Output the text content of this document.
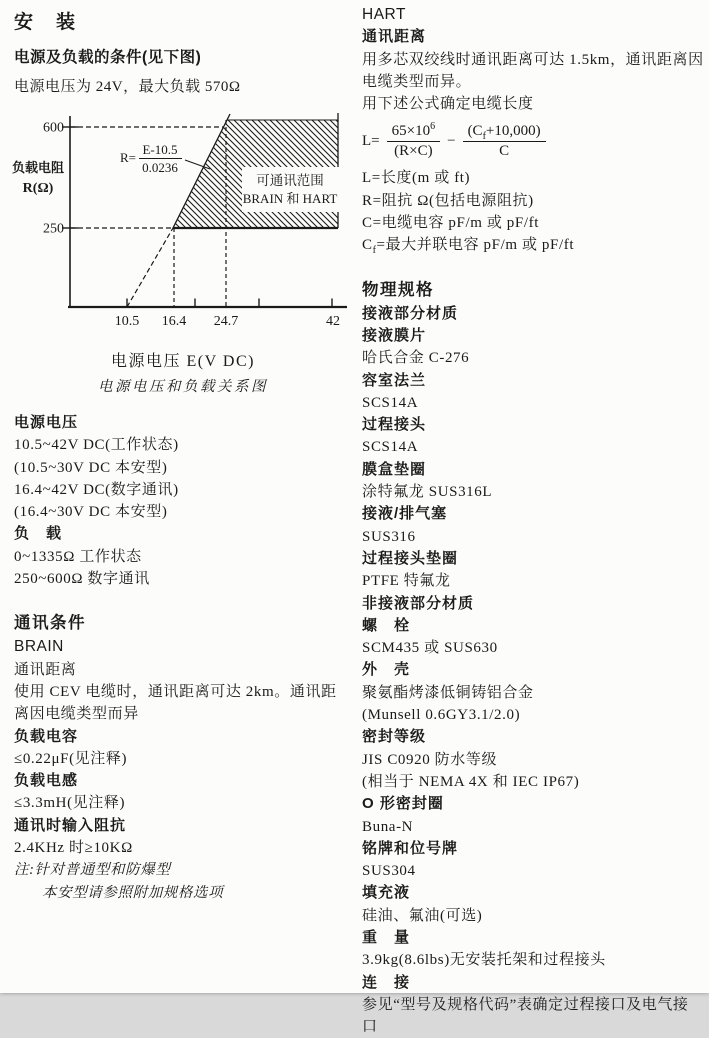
安　装
电源及负载的条件(见下图)
电源电压为 24V，最大负载 570Ω
600
250
负载电阻
R(Ω)
R=
E-10.5
0.0236
可通讯范围
BRAIN 和 HART
10.5 16.4 24.7	42
电源电压 E(V DC)
电源电压和负载关系图
电源电压
10.5~42V DC(工作状态)
(10.5~30V DC 本安型)
16.4~42V DC(数字通讯)
(16.4~30V DC 本安型)
负　载
0~1335Ω 工作状态
250~600Ω 数字通讯
通讯条件
BRAIN
通讯距离
使用 CEV 电缆时，通讯距离可达 2km。通讯距离因电缆类型而异
负载电容
≤0.22μF(见注释)
负载电感
≤3.3mH(见注释)
通讯时输入阻抗
2.4KHz 时≥10KΩ
注:针对普通型和防爆型
本安型请参照附加规格选项
HART
通讯距离
用多芯双绞线时通讯距离可达 1.5km，通讯距离因电缆类型而异。
用下述公式确定电缆长度
$L= \frac{65\times 10^6}{(R\times C)} - \frac{(C_f+10,000)}{C}$
L=长度(m 或 ft)
R=阻抗 Ω(包括电源阻抗)
C=电缆电容 pF/m 或 pF/ft
$C_f=$最大并联电容 pF/m 或 pF/ft
物理规格
接液部分材质
接液膜片
哈氏合金 C-276
容室法兰
SCS14A
过程接头
SCS14A
膜盒垫圈
涂特氟龙 SUS316L
接液/排气塞
SUS316
过程接头垫圈
PTFE 特氟龙
非接液部分材质
螺　栓
SCM435 或 SUS630
外　壳
聚氨酯烤漆低铜铸铝合金
(Munsell 0.6GY3.1/2.0)
密封等级
JIS C0920 防水等级
(相当于 NEMA 4X 和 IEC IP67)
O 形密封圈
Buna-N
铭牌和位号牌
SUS304
填充液
硅油、氟油(可选)
重　量
3.9kg(8.6lbs)无安装托架和过程接头
连　接
参见“型号及规格代码”表确定过程接口及电气接口
